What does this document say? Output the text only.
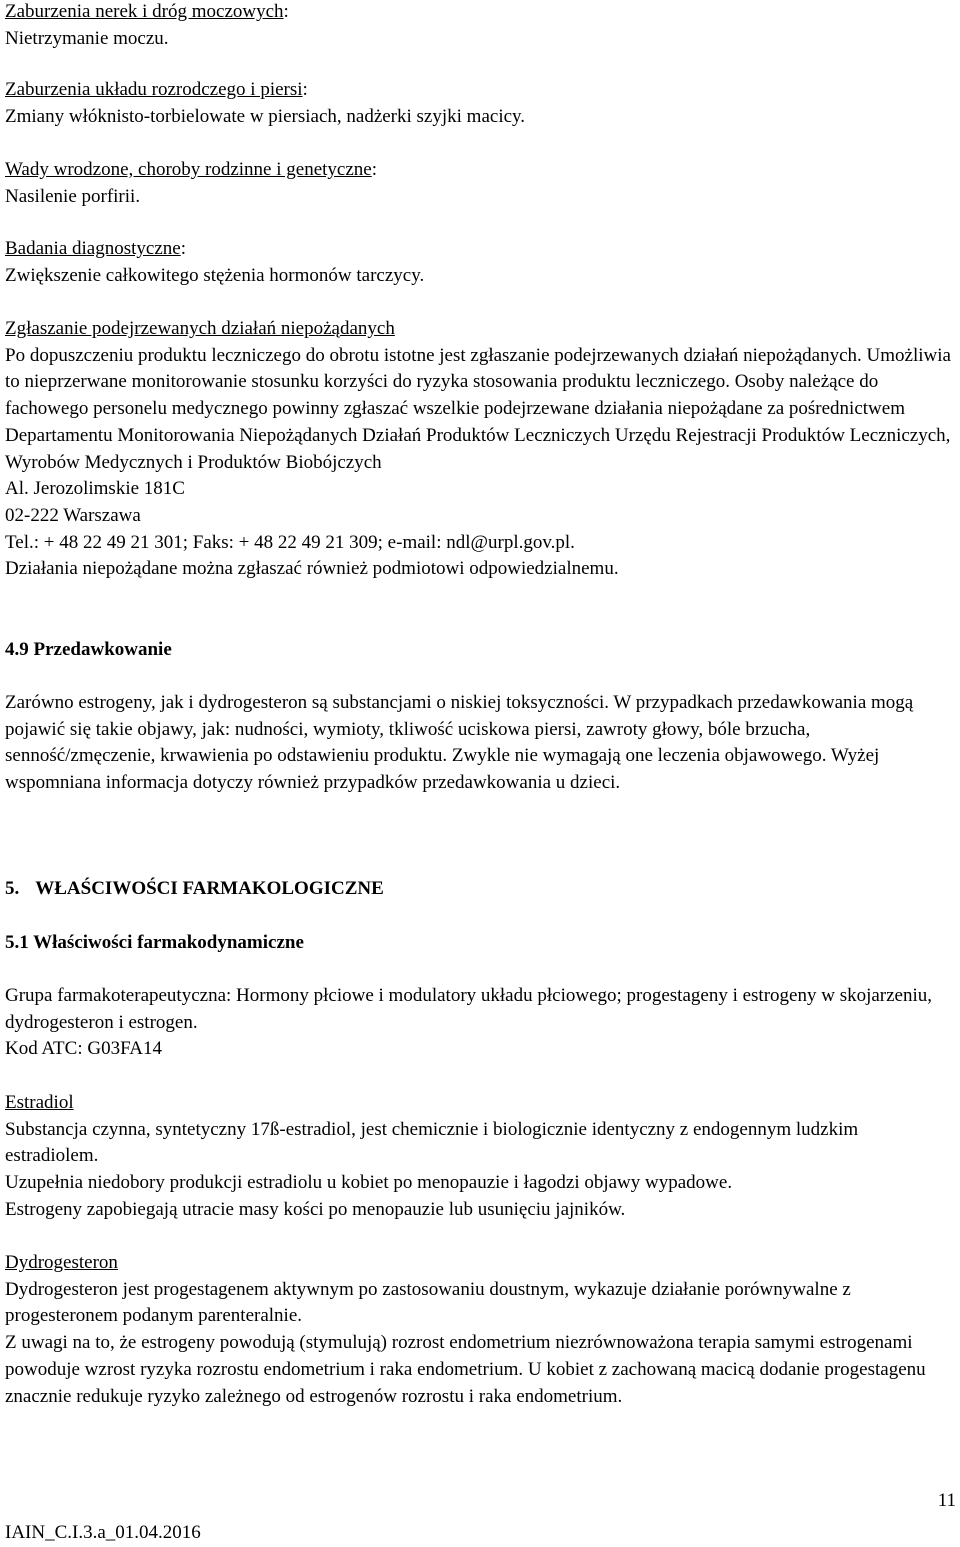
Zaburzenia nerek i dróg moczowych:
Nietrzymanie moczu.
Zaburzenia układu rozrodczego i piersi:
Zmiany włóknisto-torbielowate w piersiach, nadżerki szyjki macicy.
Wady wrodzone, choroby rodzinne i genetyczne:
Nasilenie porfirii.
Badania diagnostyczne:
Zwiększenie całkowitego stężenia hormonów tarczycy.
Zgłaszanie podejrzewanych działań niepożądanych
Po dopuszczeniu produktu leczniczego do obrotu istotne jest zgłaszanie podejrzewanych działań niepożądanych. Umożliwia to nieprzerwane monitorowanie stosunku korzyści do ryzyka stosowania produktu leczniczego. Osoby należące do fachowego personelu medycznego powinny zgłaszać wszelkie podejrzewane działania niepożądane za pośrednictwem Departamentu Monitorowania Niepożądanych Działań Produktów Leczniczych Urzędu Rejestracji Produktów Leczniczych, Wyrobów Medycznych i Produktów Biobójczych
Al. Jerozolimskie 181C
02-222 Warszawa
Tel.: + 48 22 49 21 301; Faks: + 48 22 49 21 309; e-mail: ndl@urpl.gov.pl.
Działania niepożądane można zgłaszać również podmiotowi odpowiedzialnemu.
4.9 Przedawkowanie
Zarówno estrogeny, jak i dydrogesteron są substancjami o niskiej toksyczności. W przypadkach przedawkowania mogą pojawić się takie objawy, jak: nudności, wymioty, tkliwość uciskowa piersi, zawroty głowy, bóle brzucha, senność/zmęczenie, krwawienia po odstawieniu produktu. Zwykle nie wymagają one leczenia objawowego. Wyżej wspomniana informacja dotyczy również przypadków przedawkowania u dzieci.
5. WŁAŚCIWOŚCI FARMAKOLOGICZNE
5.1 Właściwości farmakodynamiczne
Grupa farmakoterapeutyczna: Hormony płciowe i modulatory układu płciowego; progestageny i estrogeny w skojarzeniu, dydrogesteron i estrogen.
Kod ATC: G03FA14
Estradiol
Substancja czynna, syntetyczny 17ß-estradiol, jest chemicznie i biologicznie identyczny z endogennym ludzkim estradiolem.
Uzupełnia niedobory produkcji estradiolu u kobiet po menopauzie i łagodzi objawy wypadowe.
Estrogeny zapobiegają utracie masy kości po menopauzie lub usunięciu jajników.
Dydrogesteron
Dydrogesteron jest progestagenem aktywnym po zastosowaniu doustnym, wykazuje działanie porównywalne z progesteronem podanym parenteralnie.
Z uwagi na to, że estrogeny powodują (stymulują) rozrost endometrium niezrównoważona terapia samymi estrogenami powoduje wzrost ryzyka rozrostu endometrium i raka endometrium. U kobiet z zachowaną macicą dodanie progestagenu znacznie redukuje ryzyko zależnego od estrogenów rozrostu i raka endometrium.
11
IAIN_C.I.3.a_01.04.2016
